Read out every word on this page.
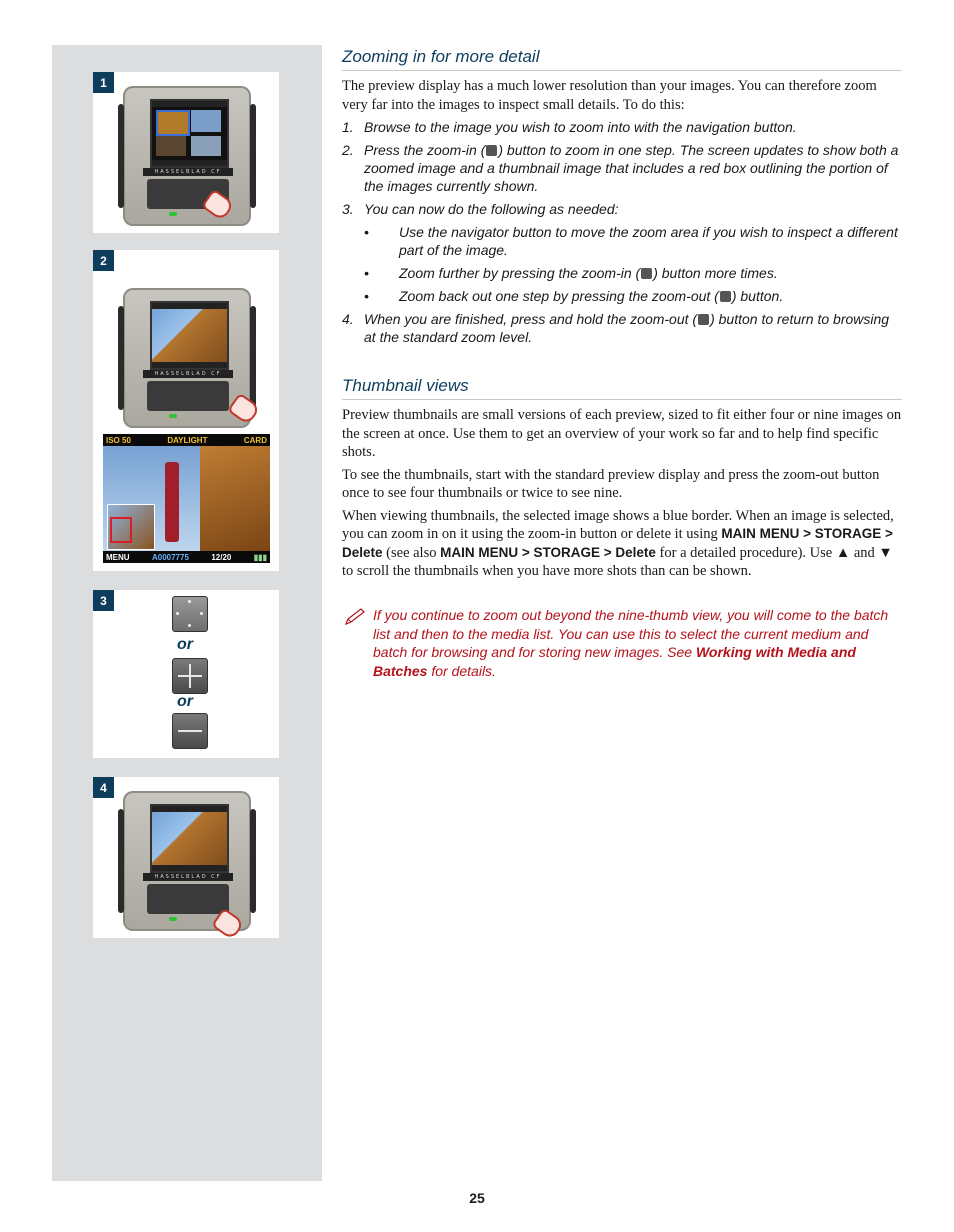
1
HASSELBLAD CF
2
HASSELBLAD CF
ISO 50	DAYLIGHT	CARD
MENU	A0007775	12/20	▮▮▮
3
or
or
4
HASSELBLAD CF
Zooming in for more detail

The preview display has a much lower resolution than your images. You can therefore zoom very far into the images to inspect small details. To do this:

1. Browse to the image you wish to zoom into with the navigation button.
2. Press the zoom-in ( ) button to zoom in one step. The screen updates to show both a zoomed image and a thumbnail image that includes a red box outlining the portion of the images currently shown.
3. You can now do the following as needed:
• Use the navigator button to move the zoom area if you wish to inspect a different part of the image.
• Zoom further by pressing the zoom-in ( ) button more times.
• Zoom back out one step by pressing the zoom-out ( ) button.
4. When you are finished, press and hold the zoom-out ( ) button to return to browsing at the standard zoom level.
Thumbnail views

Preview thumbnails are small versions of each preview, sized to fit either four or nine images on the screen at once. Use them to get an overview of your work so far and to help find specific shots.

To see the thumbnails, start with the standard preview display and press the zoom-out button once to see four thumbnails or twice to see nine.

When viewing thumbnails, the selected image shows a blue border. When an image is selected, you can zoom in on it using the zoom-in button or delete it using MAIN MENU > STORAGE > Delete (see also MAIN MENU > STORAGE > Delete for a detailed procedure). Use ▲ and ▼ to scroll the thumbnails when you have more shots than can be shown.

If you continue to zoom out beyond the nine-thumb view, you will come to the batch list and then to the media list. You can use this to select the current medium and batch for browsing and for storing new images. See Working with Media and Batches for details.
25
